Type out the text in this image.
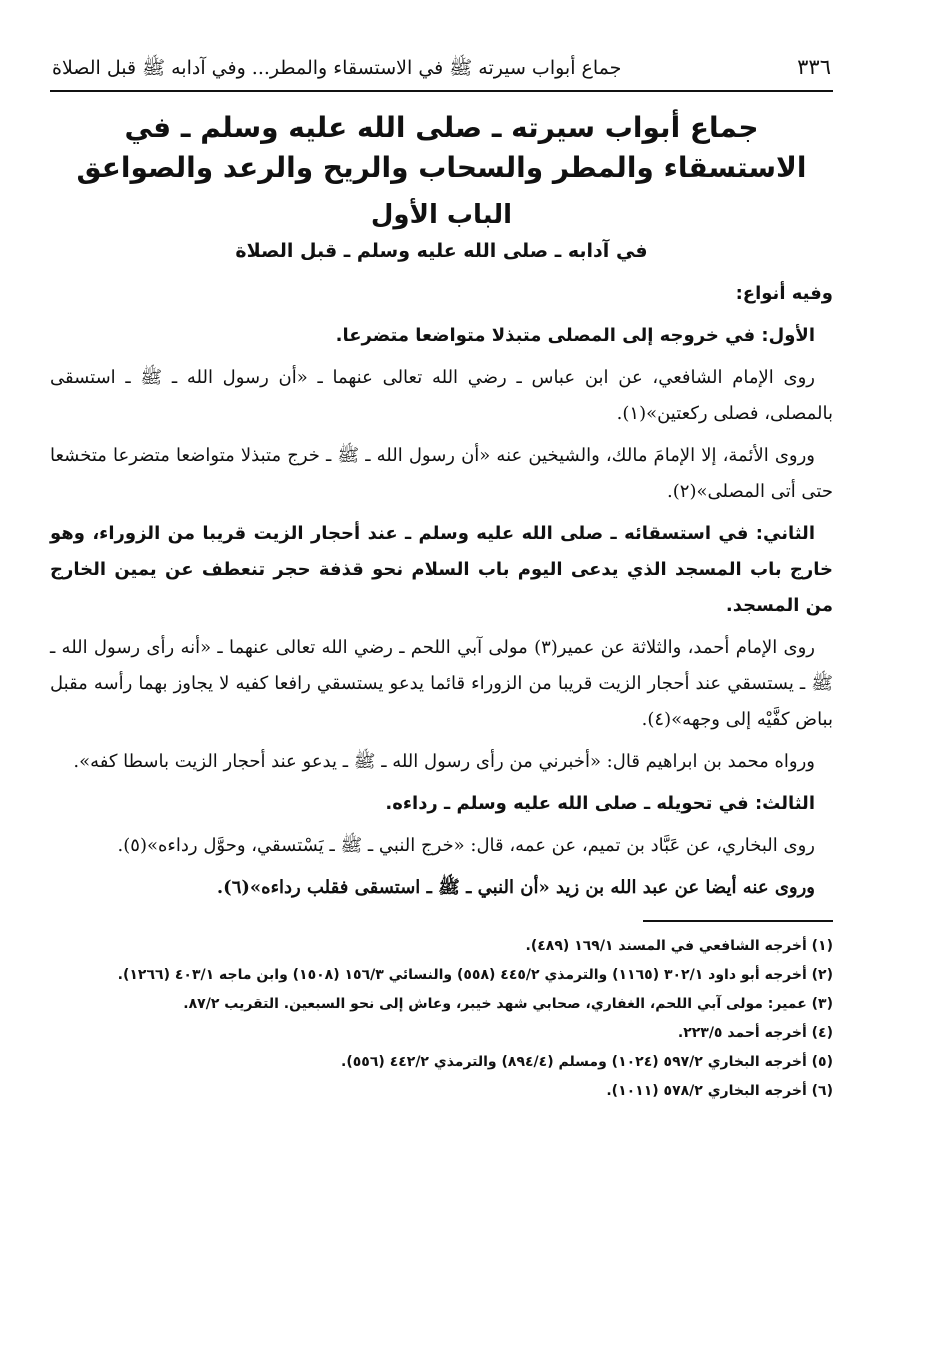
٣٣٦
جماع أبواب سيرته ﷺ في الاستسقاء والمطر... وفي آدابه ﷺ قبل الصلاة
جماع أبواب سيرته ـ صلى الله عليه وسلم ـ في
الاستسقاء والمطر والسحاب والريح والرعد والصواعق
الباب الأول
في آدابه ـ صلى الله عليه وسلم ـ قبل الصلاة

وفيه أنواع:

الأول: في خروجه إلى المصلى متبذلا متواضعا متضرعا.

روى الإمام الشافعي، عن ابن عباس ـ رضي الله تعالى عنهما ـ «أن رسول الله ـ ﷺ ـ استسقى بالمصلى، فصلى ركعتين»(١).

وروى الأئمة، إلا الإمامَ مالك، والشيخين عنه «أن رسول الله ـ ﷺ ـ خرج متبذلا متواضعا متضرعا متخشعا حتى أتى المصلى»(٢).

الثاني: في استسقائه ـ صلى الله عليه وسلم ـ عند أحجار الزيت قريبا من الزوراء، وهو خارج باب المسجد الذي يدعى اليوم باب السلام نحو قذفة حجر تنعطف عن يمين الخارج من المسجد.

روى الإمام أحمد، والثلاثة عن عمير(٣) مولى آبي اللحم ـ رضي الله تعالى عنهما ـ «أنه رأى رسول الله ـ ﷺ ـ يستسقي عند أحجار الزيت قريبا من الزوراء قائما يدعو يستسقي رافعا كفيه لا يجاوز بهما رأسه مقبل بباض كفَّيْه إلى وجهه»(٤).

ورواه محمد بن ابراهيم قال: «أخبرني من رأى رسول الله ـ ﷺ ـ يدعو عند أحجار الزيت باسطا كفه».

الثالث: في تحويله ـ صلى الله عليه وسلم ـ رداءه.

روى البخاري، عن عَبَّاد بن تميم، عن عمه، قال: «خرج النبي ـ ﷺ ـ يَسْتسقي، وحوَّل رداءه»(٥).

وروى عنه أيضا عن عبد الله بن زيد «أن النبي ـ ﷺ ـ استسقى فقلب رداءه»(٦).

(١) أخرجه الشافعي في المسند ١٦٩/١ (٤٨٩).
(٢) أخرجه أبو داود ٣٠٢/١ (١١٦٥) والترمذي ٤٤٥/٢ (٥٥٨) والنسائي ١٥٦/٣ (١٥٠٨) وابن ماجه ٤٠٣/١ (١٢٦٦).
(٣) عمير: مولى آبي اللحم، الغفاري، صحابي شهد خيبر، وعاش إلى نحو السبعين. التقريب ٨٧/٢.
(٤) أخرجه أحمد ٢٢٣/٥.
(٥) أخرجه البخاري ٥٩٧/٢ (١٠٢٤) ومسلم (٨٩٤/٤) والترمذي ٤٤٢/٢ (٥٥٦).
(٦) أخرجه البخاري ٥٧٨/٢ (١٠١١).
